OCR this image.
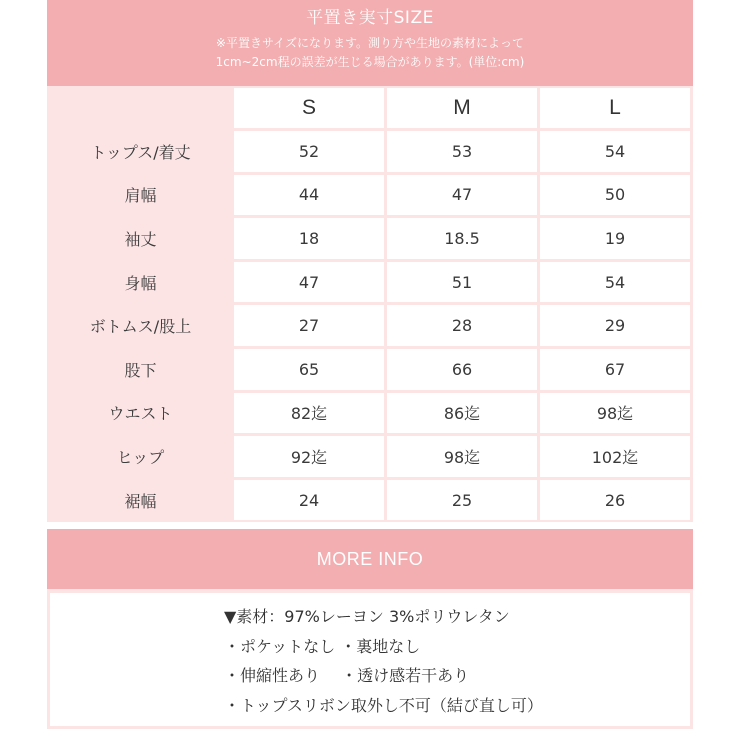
平置き実寸SIZE
※平置きサイズになります。測り方や生地の素材によって
1cm~2cm程の誤差が生じる場合があります。(単位:cm)
S	M	L
トップス/着丈	52	53	54
肩幅	44	47	50
袖丈	18	18.5	19
身幅	47	51	54
ボトムス/股上	27	28	29
股下	65	66	67
ウエスト	82迄	86迄	98迄
ヒップ	92迄	98迄	102迄
裾幅	24	25	26
MORE INFO
▼素材：97%レーヨン 3%ポリウレタン
・ポケットなし ・裏地なし
・伸縮性あり　 ・透け感若干あり
・トップスリボン取外し不可（結び直し可）
